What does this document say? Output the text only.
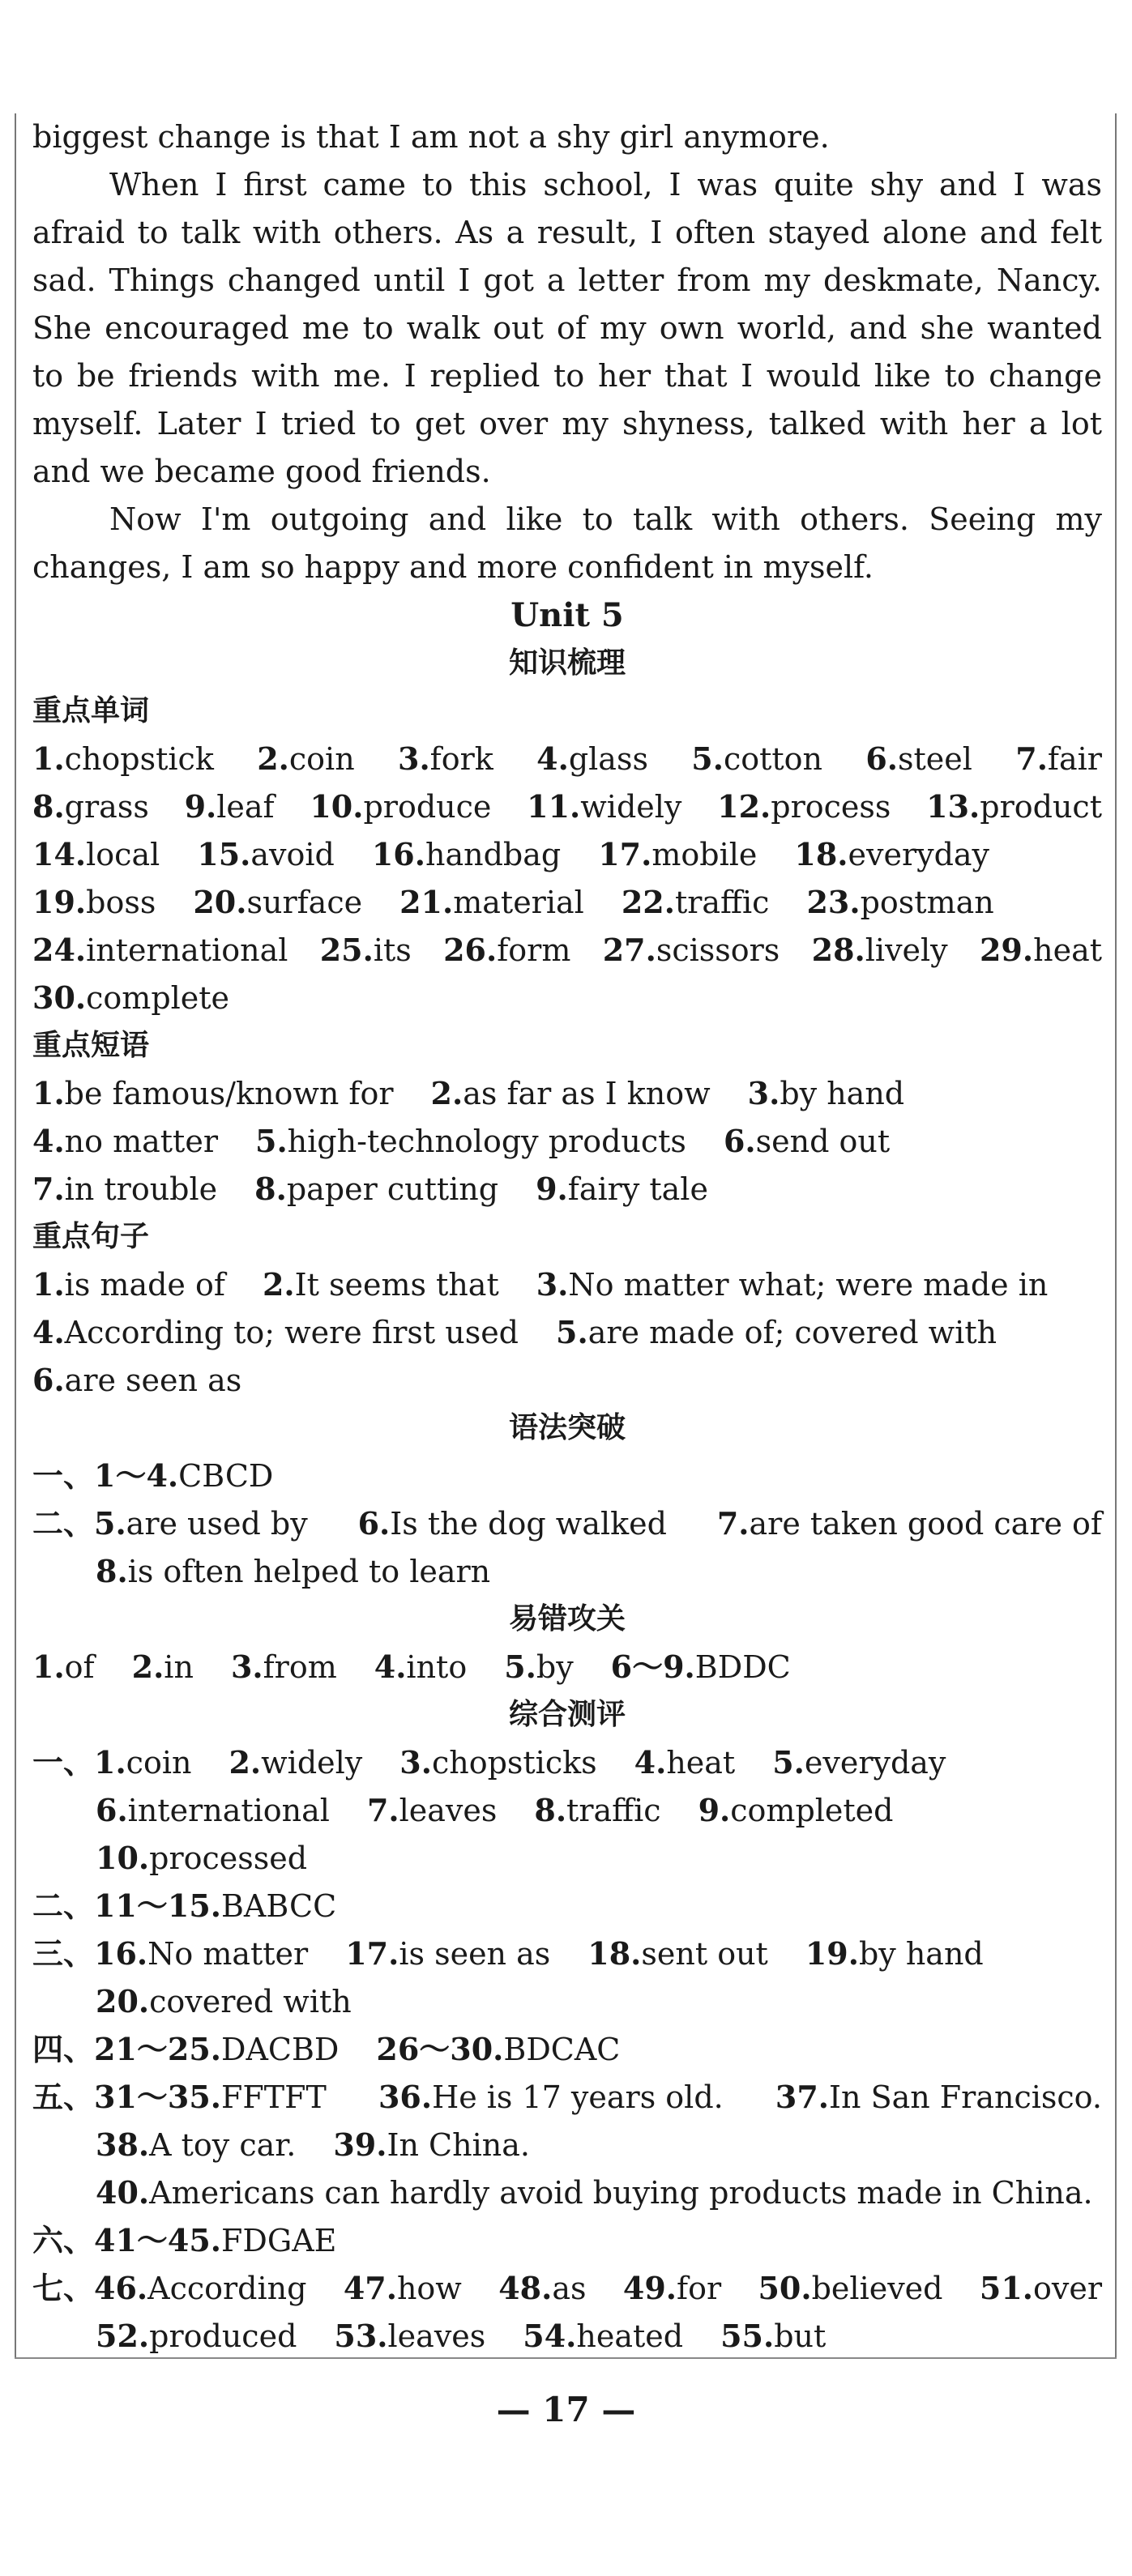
biggest change is that I am not a shy girl anymore.
When I first came to this school, I was quite shy and I was
afraid to talk with others. As a result, I often stayed alone and felt
sad. Things changed until I got a letter from my deskmate, Nancy.
She encouraged me to walk out of my own world, and she wanted
to be friends with me. I replied to her that I would like to change
myself. Later I tried to get over my shyness, talked with her a lot
and we became good friends.
Now I'm outgoing and like to talk with others. Seeing my
changes, I am so happy and more confident in myself.
Unit 5
知识梳理
重点单词
1.chopstick 2.coin 3.fork 4.glass 5.cotton 6.steel 7.fair
8.grass 9.leaf 10.produce 11.widely 12.process 13.product
14.local 15.avoid 16.handbag 17.mobile 18.everyday
19.boss 20.surface 21.material 22.traffic 23.postman
24.international 25.its 26.form 27.scissors 28.lively 29.heat
30.complete
重点短语
1.be famous/known for 2.as far as I know 3.by hand
4.no matter 5.high-technology products 6.send out
7.in trouble 8.paper cutting 9.fairy tale
重点句子
1.is made of 2.It seems that 3.No matter what; were made in
4.According to; were first used 5.are made of; covered with
6.are seen as
语法突破
一、1～4.CBCD
二、5.are used by 6.Is the dog walked 7.are taken good care of
8.is often helped to learn
易错攻关
1.of 2.in 3.from 4.into 5.by 6～9.BDDC
综合测评
一、1.coin 2.widely 3.chopsticks 4.heat 5.everyday
6.international 7.leaves 8.traffic 9.completed
10.processed
二、11～15.BABCC
三、16.No matter 17.is seen as 18.sent out 19.by hand
20.covered with
四、21～25.DACBD 26～30.BDCAC
五、31～35.FFTFT 36.He is 17 years old. 37.In San Francisco.
38.A toy car. 39.In China.
40.Americans can hardly avoid buying products made in China.
六、41～45.FDGAE
七、46.According 47.how 48.as 49.for 50.believed 51.over
52.produced 53.leaves 54.heated 55.but
— 17 —
